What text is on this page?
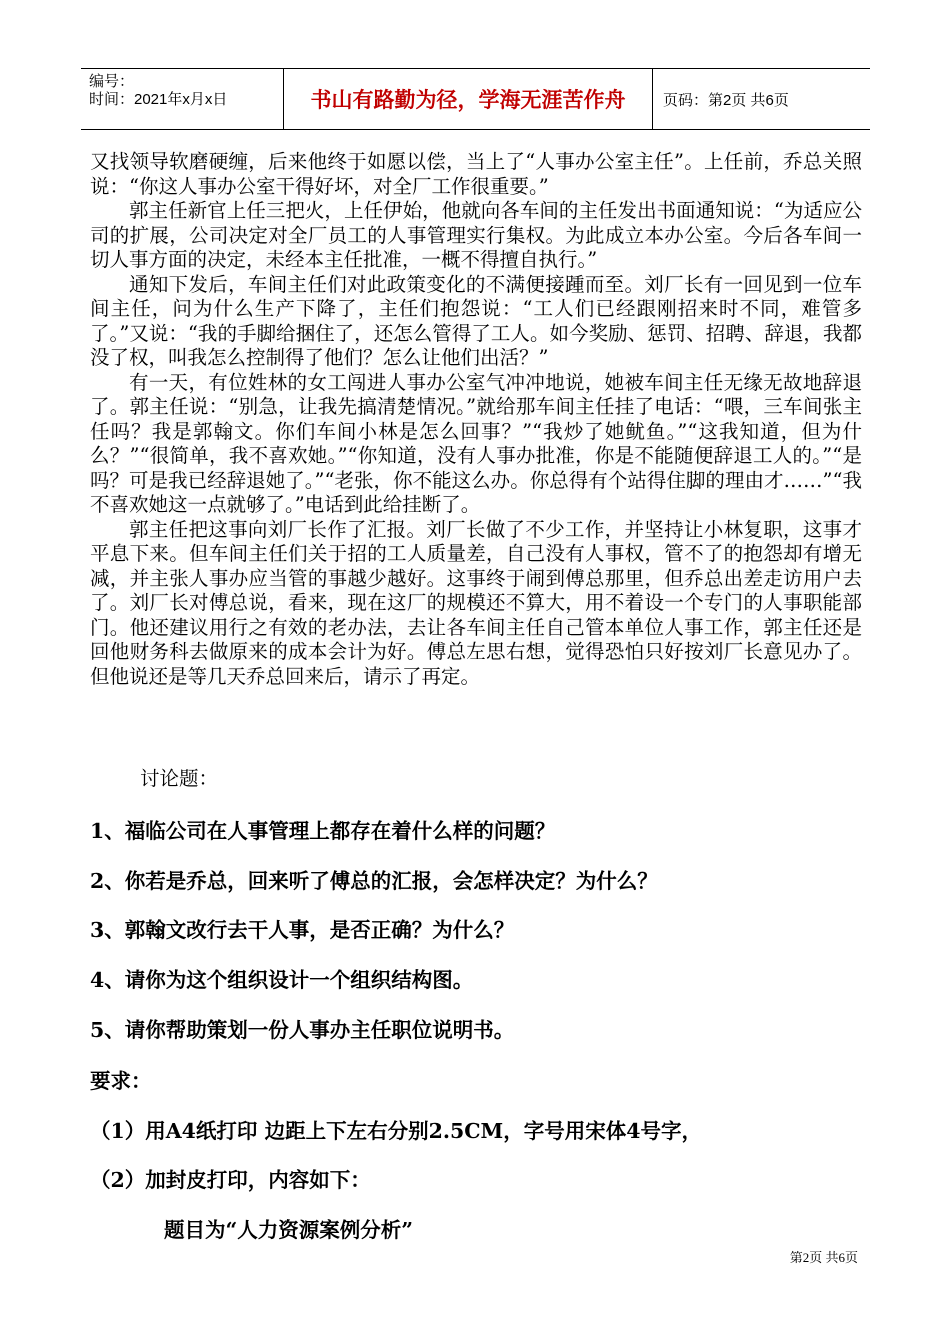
编号：
时间：2021年x月x日	书山有路勤为径，学海无涯苦作舟	页码：第2页 共6页

又找领导软磨硬缠，后来他终于如愿以偿，当上了“人事办公室主任”。上任前，乔总关照说：“你这人事办公室干得好坏，对全厂工作很重要。”

郭主任新官上任三把火，上任伊始，他就向各车间的主任发出书面通知说：“为适应公司的扩展，公司决定对全厂员工的人事管理实行集权。为此成立本办公室。今后各车间一切人事方面的决定，未经本主任批准，一概不得擅自执行。”

通知下发后，车间主任们对此政策变化的不满便接踵而至。刘厂长有一回见到一位车间主任，问为什么生产下降了，主任们抱怨说：“工人们已经跟刚招来时不同，难管多了。”又说：“我的手脚给捆住了，还怎么管得了工人。如今奖励、惩罚、招聘、辞退，我都没了权，叫我怎么控制得了他们？怎么让他们出活？”

有一天，有位姓林的女工闯进人事办公室气冲冲地说，她被车间主任无缘无故地辞退了。郭主任说：“别急，让我先搞清楚情况。”就给那车间主任挂了电话：“喂，三车间张主任吗？我是郭翰文。你们车间小林是怎么回事？”“我炒了她鱿鱼。”“这我知道，但为什么？”“很简单，我不喜欢她。”“你知道，没有人事办批准，你是不能随便辞退工人的。”“是吗？可是我已经辞退她了。”“老张，你不能这么办。你总得有个站得住脚的理由才……”“我不喜欢她这一点就够了。”电话到此给挂断了。

郭主任把这事向刘厂长作了汇报。刘厂长做了不少工作，并坚持让小林复职，这事才平息下来。但车间主任们关于招的工人质量差，自己没有人事权，管不了的抱怨却有增无减，并主张人事办应当管的事越少越好。这事终于闹到傅总那里，但乔总出差走访用户去了。刘厂长对傅总说，看来，现在这厂的规模还不算大，用不着设一个专门的人事职能部门。他还建议用行之有效的老办法，去让各车间主任自己管本单位人事工作，郭主任还是回他财务科去做原来的成本会计为好。傅总左思右想，觉得恐怕只好按刘厂长意见办了。但他说还是等几天乔总回来后，请示了再定。

讨论题：
1、福临公司在人事管理上都存在着什么样的问题？
2、你若是乔总，回来听了傅总的汇报，会怎样决定？为什么？
3、郭翰文改行去干人事，是否正确？为什么？
4、请你为这个组织设计一个组织结构图。
5、请你帮助策划一份人事办主任职位说明书。
要求：
（1）用A4纸打印 边距上下左右分别2.5CM，字号用宋体4号字，
（2）加封皮打印，内容如下：
题目为“人力资源案例分析”
第2页 共6页
